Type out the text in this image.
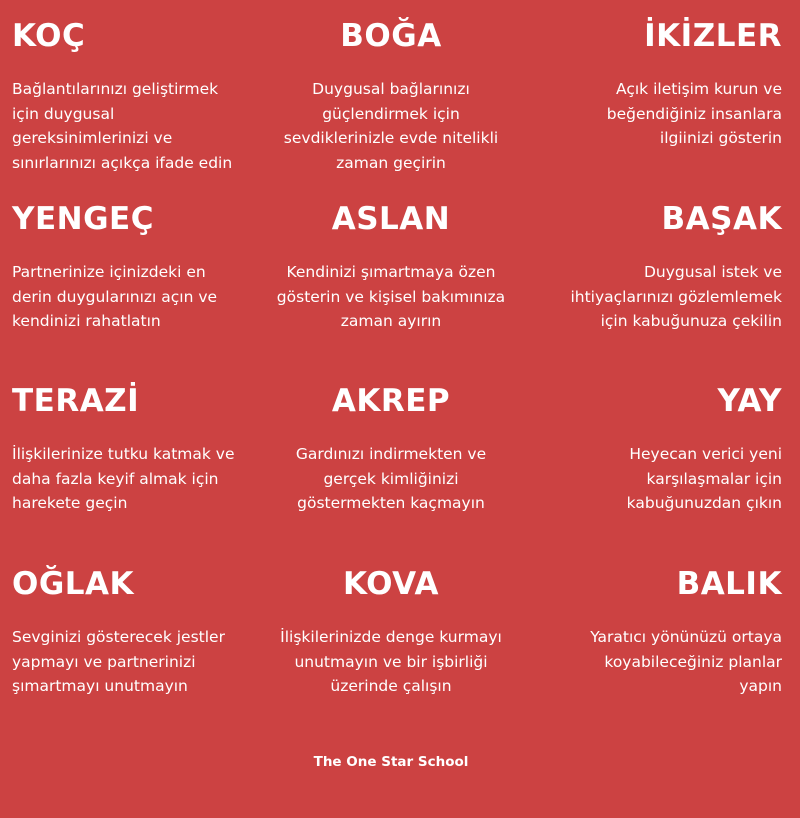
KOÇ

Bağlantılarınızı geliştirmek
için duygusal
gereksinimlerinizi ve
sınırlarınızı açıkça ifade edin

BOĞA

Duygusal bağlarınızı
güçlendirmek için
sevdiklerinizle evde nitelikli
zaman geçirin

İKİZLER

Açık iletişim kurun ve
beğendiğiniz insanlara
ilgiinizi gösterin

YENGEÇ

Partnerinize içinizdeki en
derin duygularınızı açın ve
kendinizi rahatlatın

ASLAN

Kendinizi şımartmaya özen
gösterin ve kişisel bakımınıza
zaman ayırın

BAŞAK

Duygusal istek ve
ihtiyaçlarınızı gözlemlemek
için kabuğunuza çekilin

TERAZİ

İlişkilerinize tutku katmak ve
daha fazla keyif almak için
harekete geçin

AKREP

Gardınızı indirmekten ve
gerçek kimliğinizi
göstermekten kaçmayın

YAY

Heyecan verici yeni
karşılaşmalar için
kabuğunuzdan çıkın

OĞLAK

Sevginizi gösterecek jestler
yapmayı ve partnerinizi
şımartmayı unutmayın

KOVA

İlişkilerinizde denge kurmayı
unutmayın ve bir işbirliği
üzerinde çalışın

BALIK

Yaratıcı yönünüzü ortaya
koyabileceğiniz planlar
yapın

The One Star School
